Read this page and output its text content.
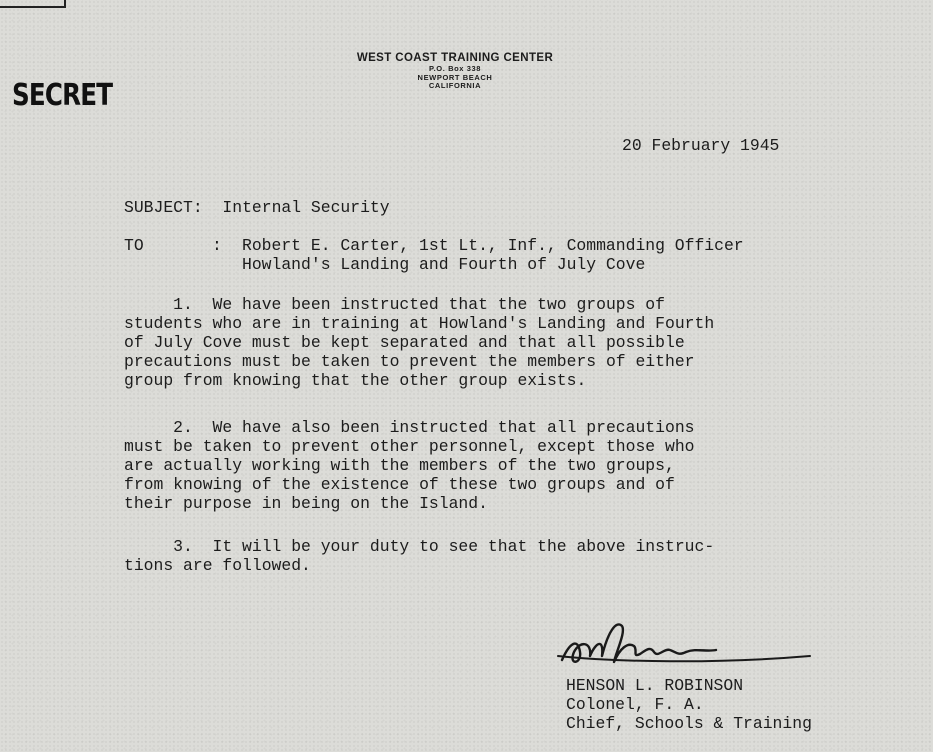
WEST COAST TRAINING CENTER
P.O. Box 338
NEWPORT BEACH
CALIFORNIA
SECRET
20 February 1945
SUBJECT: Internal Security

TO

	:

Robert E. Carter, 1st Lt., Inf., Commanding Officer
Howland's Landing and Fourth of July Cove

1.  We have been instructed that the two groups of
students who are in training at Howland's Landing and Fourth
of July Cove must be kept separated and that all possible
precautions must be taken to prevent the members of either
group from knowing that the other group exists.
2.  We have also been instructed that all precautions
must be taken to prevent other personnel, except those who
are actually working with the members of the two groups,
from knowing of the existence of these two groups and of
their purpose in being on the Island.
3.  It will be your duty to see that the above instruc-
tions are followed.
HENSON L. ROBINSON
Colonel, F. A.
Chief, Schools & Training
